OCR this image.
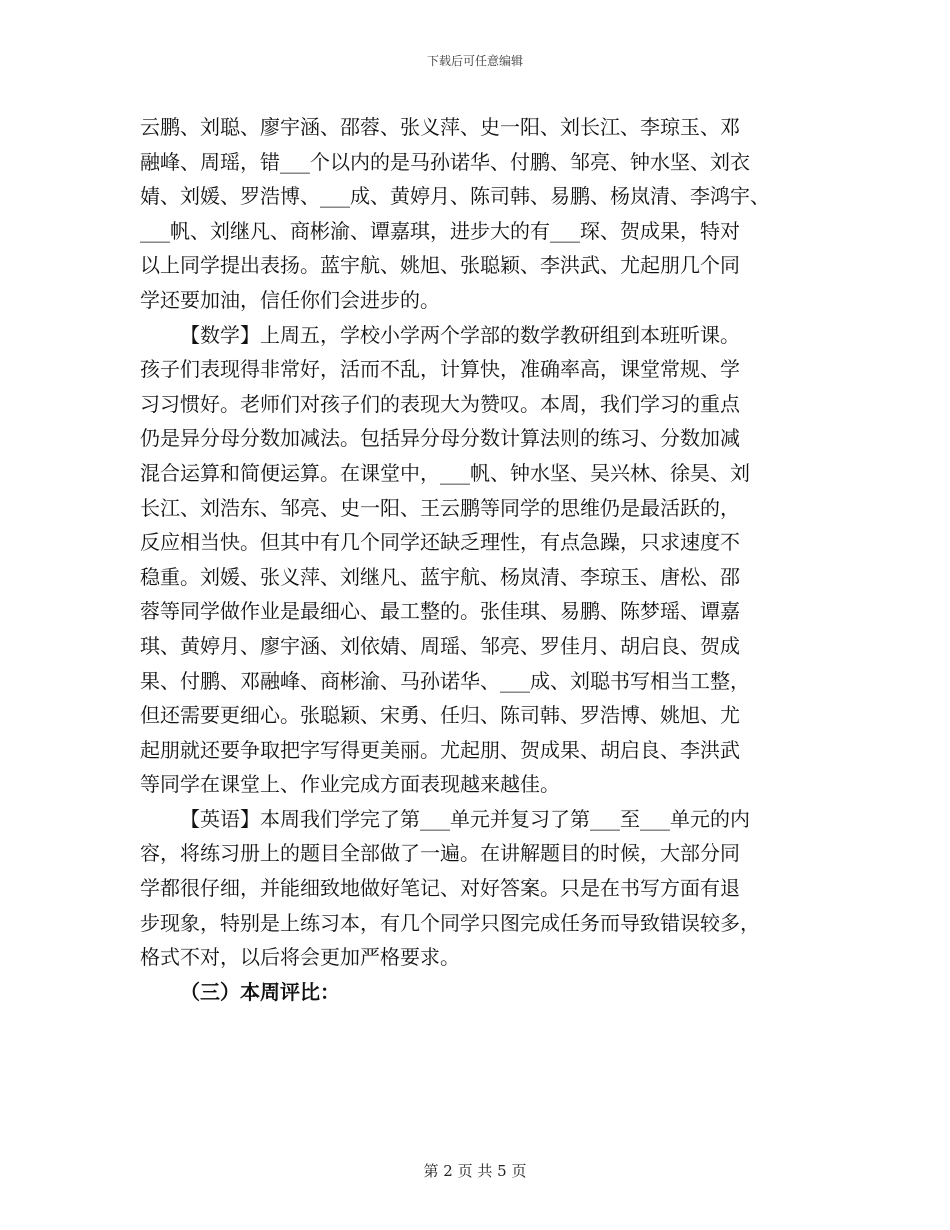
下载后可任意编辑
云鹏、刘聪、廖宇涵、邵蓉、张义萍、史一阳、刘长江、李琼玉、邓
融峰、周瑶，错___个以内的是马孙诺华、付鹏、邹亮、钟水坚、刘衣
婧、刘媛、罗浩博、___成、黄婷月、陈司韩、易鹏、杨岚清、李鸿宇、
___帆、刘继凡、商彬渝、谭嘉琪，进步大的有___琛、贺成果，特对
以上同学提出表扬。蓝宇航、姚旭、张聪颖、李洪武、尤起朋几个同
学还要加油，信任你们会进步的。
【数学】上周五，学校小学两个学部的数学教研组到本班听课。
孩子们表现得非常好，活而不乱，计算快，准确率高，课堂常规、学
习习惯好。老师们对孩子们的表现大为赞叹。本周，我们学习的重点
仍是异分母分数加减法。包括异分母分数计算法则的练习、分数加减
混合运算和简便运算。在课堂中，___帆、钟水坚、吴兴林、徐昊、刘
长江、刘浩东、邹亮、史一阳、王云鹏等同学的思维仍是最活跃的，
反应相当快。但其中有几个同学还缺乏理性，有点急躁，只求速度不
稳重。刘媛、张义萍、刘继凡、蓝宇航、杨岚清、李琼玉、唐松、邵
蓉等同学做作业是最细心、最工整的。张佳琪、易鹏、陈梦瑶、谭嘉
琪、黄婷月、廖宇涵、刘依婧、周瑶、邹亮、罗佳月、胡启良、贺成
果、付鹏、邓融峰、商彬渝、马孙诺华、___成、刘聪书写相当工整，
但还需要更细心。张聪颖、宋勇、任归、陈司韩、罗浩博、姚旭、尤
起朋就还要争取把字写得更美丽。尤起朋、贺成果、胡启良、李洪武
等同学在课堂上、作业完成方面表现越来越佳。
【英语】本周我们学完了第___单元并复习了第___至___单元的内
容，将练习册上的题目全部做了一遍。在讲解题目的时候，大部分同
学都很仔细，并能细致地做好笔记、对好答案。只是在书写方面有退
步现象，特别是上练习本，有几个同学只图完成任务而导致错误较多，
格式不对，以后将会更加严格要求。
（三）本周评比：
第 2 页 共 5 页
